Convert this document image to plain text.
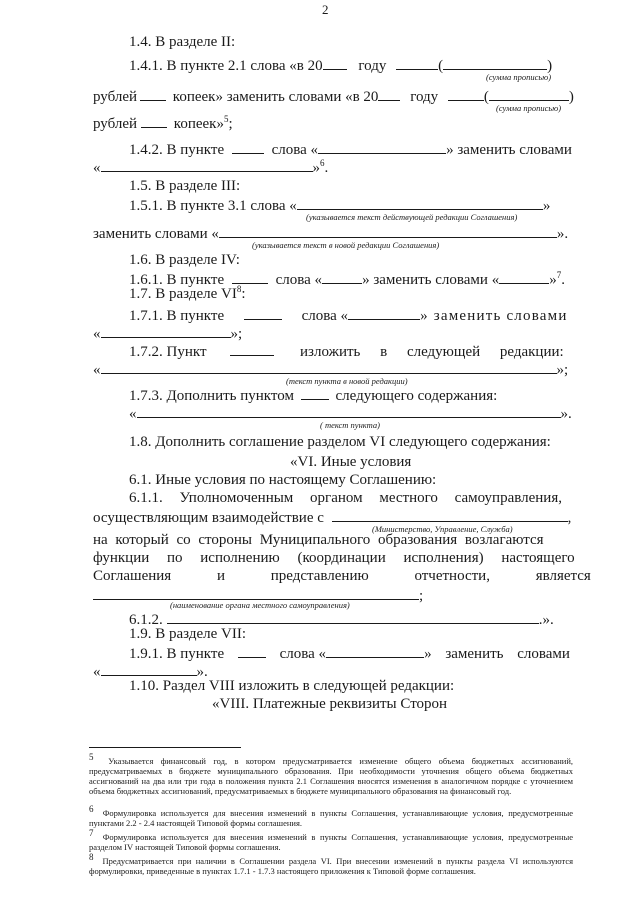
2
1.4. В разделе II:
1.4.1. В пункте 2.1 слова «в 20 году	(	)
(сумма прописью)
рублей копеек» заменить словами «в 20 году	(	)
(сумма прописью)
рублей копеек»$^5$;
1.4.2. В пункте	слова «	» заменить словами
«	»$^6$.
1.5. В разделе III:
1.5.1. В пункте 3.1 слова «	»
(указывается текст действующей редакции Соглашения)
заменить словами «	».
(указывается текст в новой редакции Соглашения)
1.6. В разделе IV:
1.6.1. В пункте	слова «	» заменить словами «	»$^7$.
1.7. В разделе $VI^8$:
1.7.1. В пункте	слова «	» заменить словами
«	»;
1.7.2. Пункт	изложить в следующей редакции:
«	»;
(текст пункта в новой редакции)
1.7.3. Дополнить пунктом	следующего содержания:
«	».
( текст пункта)
1.8. Дополнить соглашение разделом VI следующего содержания:
«VI. Иные условия
6.1. Иные условия по настоящему Соглашению:
6.1.1. Уполномоченным органом местного самоуправления,
осуществляющим взаимодействие с	,
(Министерство, Управление, Служба)
на который со стороны Муниципального образования возлагаются
функции по исполнению (координации исполнения) настоящего
Соглашения и представлению отчетности, является
;
(наименование органа местного самоуправления)
6.1.2.	.».
1.9. В разделе VII:
1.9.1. В пункте	слова «	» заменить словами
«	».
1.10. Раздел VIII изложить в следующей редакции:
«VIII. Платежные реквизиты Сторон
$^5$ Указывается финансовый год, в котором предусматривается изменение общего объема бюджетных ассигнований, предусматриваемых в бюджете муниципального образования. При необходимости уточнения общего объема бюджетных ассигнований на два или три года в положения пункта 2.1 Соглашения вносятся изменения в аналогичном порядке с уточнением объема бюджетных ассигнований, предусматриваемых в бюджете муниципального образования на финансовый год.
$^6$ Формулировка используется для внесения изменений в пункты Соглашения, устанавливающие условия, предусмотренные пунктами 2.2 - 2.4 настоящей Типовой формы соглашения.
$^7$ Формулировка используется для внесения изменений в пункты Соглашения, устанавливающие условия, предусмотренные разделом IV настоящей Типовой формы соглашения.
$^8$ Предусматривается при наличии в Соглашении раздела VI. При внесении изменений в пункты раздела VI используются формулировки, приведенные в пунктах 1.7.1 - 1.7.3 настоящего приложения к Типовой форме соглашения.
